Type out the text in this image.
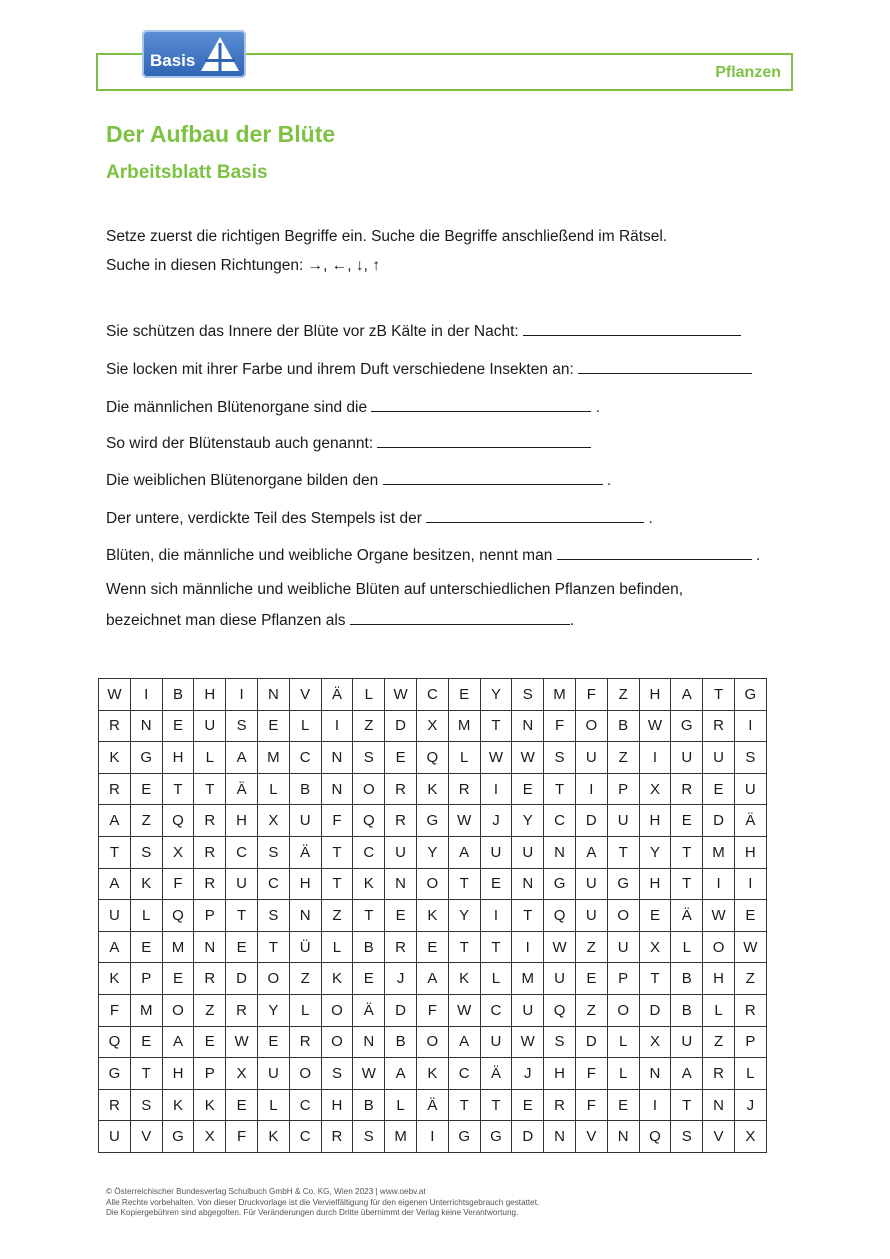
Pflanzen
Basis
Der Aufbau der Blüte
Arbeitsblatt Basis
Setze zuerst die richtigen Begriffe ein. Suche die Begriffe anschließend im Rätsel.
Suche in diesen Richtungen: →, ←, ↓, ↑
Sie schützen das Innere der Blüte vor zB Kälte in der Nacht:
Sie locken mit ihrer Farbe und ihrem Duft verschiedene Insekten an:
Die männlichen Blütenorgane sind die	.
So wird der Blütenstaub auch genannt:
Die weiblichen Blütenorgane bilden den	.
Der untere, verdickte Teil des Stempels ist der	.
Blüten, die männliche und weibliche Organe besitzen, nennt man	.
Wenn sich männliche und weibliche Blüten auf unterschiedlichen Pflanzen befinden,
bezeichnet man diese Pflanzen als	.
W	I	B	H	I	N	V	Ä	L	W	C	E	Y	S	M	F	Z	H	A	T	G
R	N	E	U	S	E	L	I	Z	D	X	M	T	N	F	O	B	W	G	R	I
K	G	H	L	A	M	C	N	S	E	Q	L	W	W	S	U	Z	I	U	U	S
R	E	T	T	Ä	L	B	N	O	R	K	R	I	E	T	I	P	X	R	E	U
A	Z	Q	R	H	X	U	F	Q	R	G	W	J	Y	C	D	U	H	E	D	Ä
T	S	X	R	C	S	Ä	T	C	U	Y	A	U	U	N	A	T	Y	T	M	H
A	K	F	R	U	C	H	T	K	N	O	T	E	N	G	U	G	H	T	I	I
U	L	Q	P	T	S	N	Z	T	E	K	Y	I	T	Q	U	O	E	Ä	W	E
A	E	M	N	E	T	Ü	L	B	R	E	T	T	I	W	Z	U	X	L	O	W
K	P	E	R	D	O	Z	K	E	J	A	K	L	M	U	E	P	T	B	H	Z
F	M	O	Z	R	Y	L	O	Ä	D	F	W	C	U	Q	Z	O	D	B	L	R
Q	E	A	E	W	E	R	O	N	B	O	A	U	W	S	D	L	X	U	Z	P
G	T	H	P	X	U	O	S	W	A	K	C	Ä	J	H	F	L	N	A	R	L
R	S	K	K	E	L	C	H	B	L	Ä	T	T	E	R	F	E	I	T	N	J
U	V	G	X	F	K	C	R	S	M	I	G	G	D	N	V	N	Q	S	V	X
© Österreichischer Bundesverlag Schulbuch GmbH & Co. KG, Wien 2023 | www.oebv.at
Alle Rechte vorbehalten. Von dieser Druckvorlage ist die Vervielfältigung für den eigenen Unterrichtsgebrauch gestattet.
Die Kopiergebühren sind abgegolten. Für Veränderungen durch Dritte übernimmt der Verlag keine Verantwortung.
